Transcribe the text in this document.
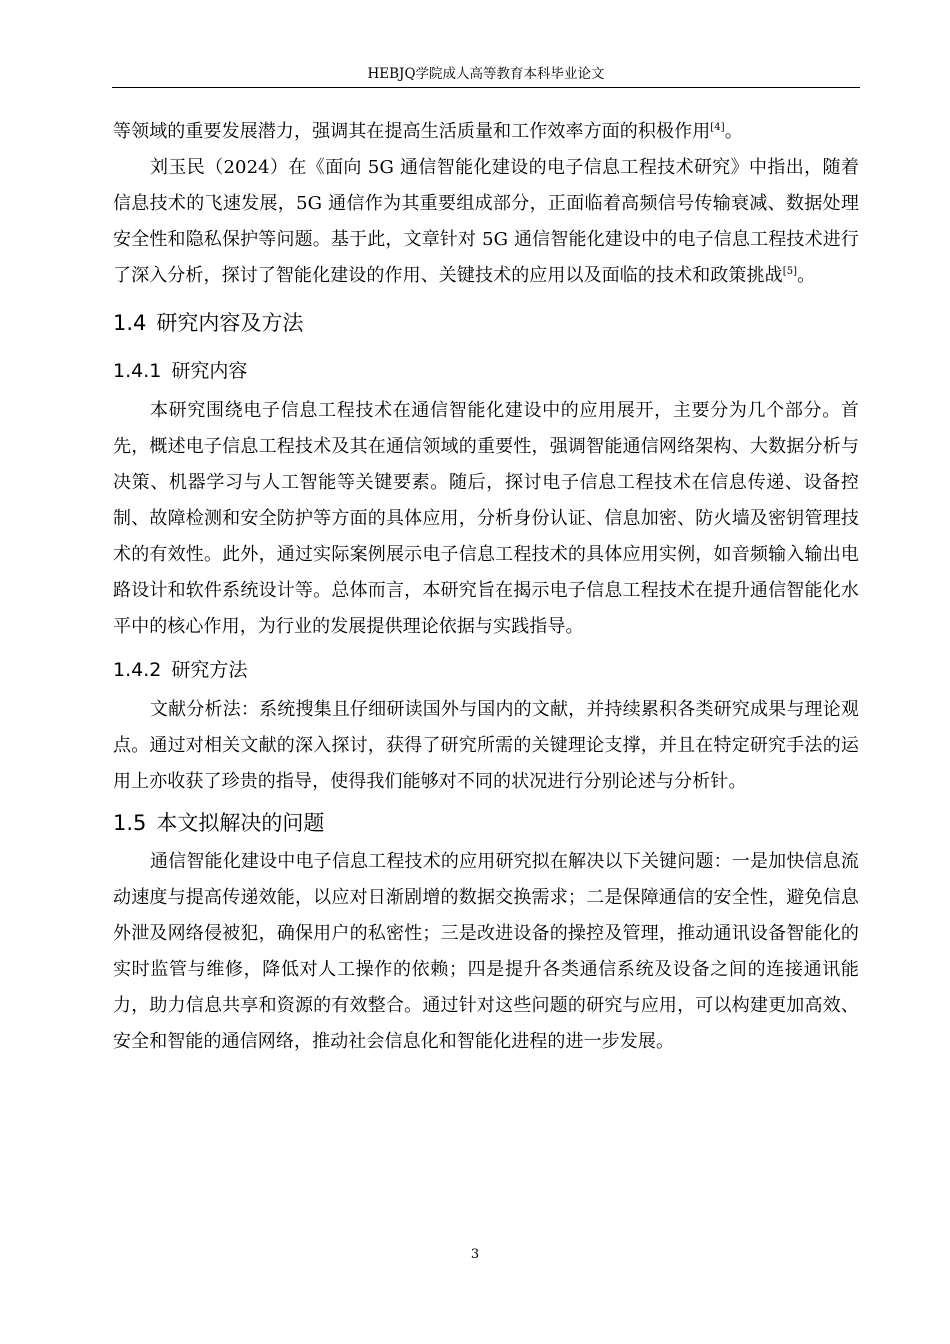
HEBJQ学院成人高等教育本科毕业论文

等领域的重要发展潜力，强调其在提高生活质量和工作效率方面的积极作用[4]。

刘玉民（2024）在《面向 5G 通信智能化建设的电子信息工程技术研究》中指出，随着信息技术的飞速发展，5G 通信作为其重要组成部分，正面临着高频信号传输衰减、数据处理安全性和隐私保护等问题。基于此，文章针对 5G 通信智能化建设中的电子信息工程技术进行了深入分析，探讨了智能化建设的作用、关键技术的应用以及面临的技术和政策挑战[5]。

1.4 研究内容及方法
1.4.1 研究内容

本研究围绕电子信息工程技术在通信智能化建设中的应用展开，主要分为几个部分。首先，概述电子信息工程技术及其在通信领域的重要性，强调智能通信网络架构、大数据分析与决策、机器学习与人工智能等关键要素。随后，探讨电子信息工程技术在信息传递、设备控制、故障检测和安全防护等方面的具体应用，分析身份认证、信息加密、防火墙及密钥管理技术的有效性。此外，通过实际案例展示电子信息工程技术的具体应用实例，如音频输入输出电路设计和软件系统设计等。总体而言，本研究旨在揭示电子信息工程技术在提升通信智能化水平中的核心作用，为行业的发展提供理论依据与实践指导。

1.4.2 研究方法

文献分析法：系统搜集且仔细研读国外与国内的文献，并持续累积各类研究成果与理论观点。通过对相关文献的深入探讨，获得了研究所需的关键理论支撑，并且在特定研究手法的运用上亦收获了珍贵的指导，使得我们能够对不同的状况进行分别论述与分析针。

1.5 本文拟解决的问题

通信智能化建设中电子信息工程技术的应用研究拟在解决以下关键问题：一是加快信息流动速度与提高传递效能，以应对日渐剧增的数据交换需求；二是保障通信的安全性，避免信息外泄及网络侵被犯，确保用户的私密性；三是改进设备的操控及管理，推动通讯设备智能化的实时监管与维修，降低对人工操作的依赖；四是提升各类通信系统及设备之间的连接通讯能力，助力信息共享和资源的有效整合。通过针对这些问题的研究与应用，可以构建更加高效、安全和智能的通信网络，推动社会信息化和智能化进程的进一步发展。

3
